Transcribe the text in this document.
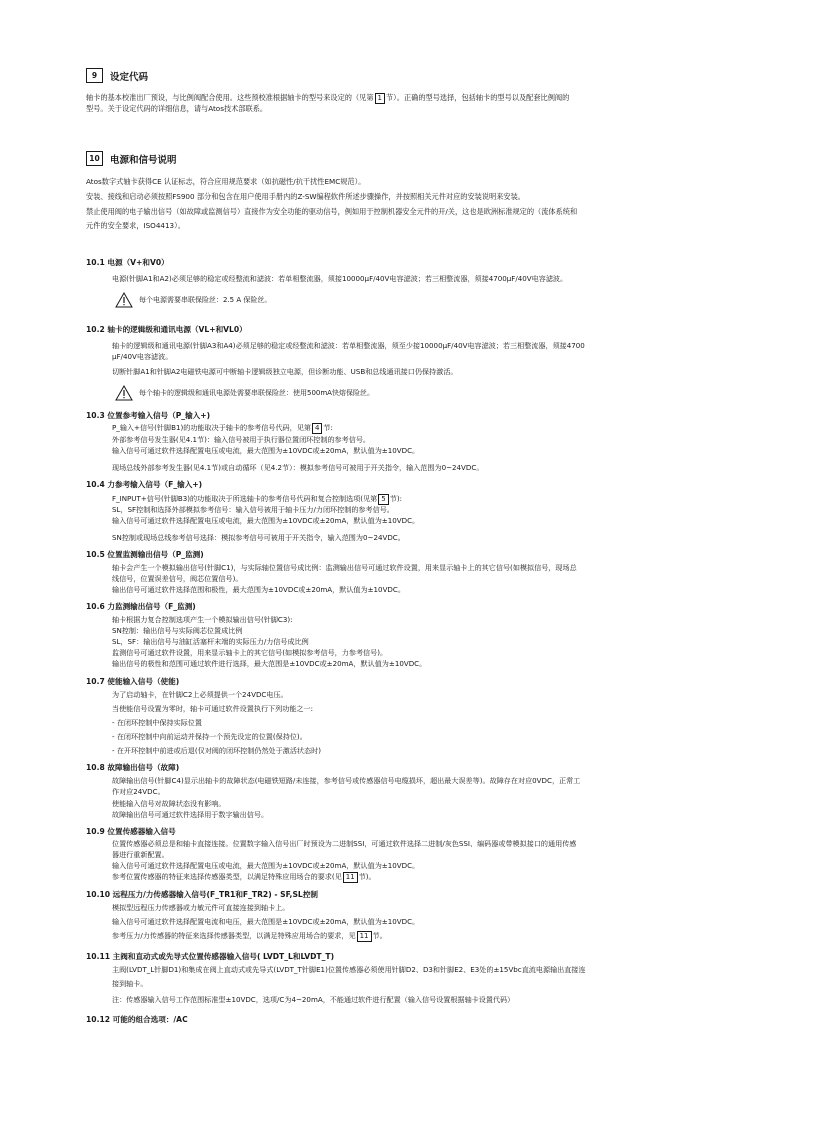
9	设定代码
轴卡的基本校准出厂预设，与比例阀配合使用。这些预校准根据轴卡的型号来设定的（见第 1 节）。正确的型号选择，包括轴卡的型号以及配套比例阀的
型号。关于设定代码的详细信息，请与Atos技术部联系。
10	电源和信号说明
Atos数字式轴卡获得CE 认证标志，符合应用规范要求（如抗磁性/抗干扰性EMC规范）。
安装、接线和启动必须按照FS900 部分和包含在用户使用手册内的Z-SW编程软件所述步骤操作，并按照相关元件对应的安装说明来安装。
禁止使用阀的电子输出信号（如故障或监测信号）直接作为安全功能的驱动信号，例如用于控制机器安全元件的开/关，这也是欧洲标准规定的（流体系统和
元件的安全要求，ISO4413）。
10.1 电源（V+和V0）
电源(针脚A1和A2)必须足够的稳定或经整流和滤波：若单相整流器，须接10000μF/40V电容滤波；若三相整流器，须接4700μF/40V电容滤波。
每个电源需要串联保险丝：2.5 A 保险丝。
10.2 轴卡的逻辑级和通讯电源（VL+和VL0）
轴卡的逻辑级和通讯电源(针脚A3和A4)必须足够的稳定或经整流和滤波：若单相整流器，须至少接10000μF/40V电容滤波；若三相整流器，须接4700
μF/40V电容滤波。
切断针脚A1和针脚A2电磁铁电源可中断轴卡逻辑级独立电源，但诊断功能、USB和总线通讯接口仍保持激活。
每个轴卡的逻辑级和通讯电源处需要串联保险丝：使用500mA快熔保险丝。
10.3 位置参考输入信号（P_输入+)
P_输入+信号(针脚B1)的功能取决于轴卡的参考信号代码，见第 4 节:
外部参考信号发生器(见4.1节)：输入信号被用于执行器位置闭环控制的参考信号。
输入信号可通过软件选择配置电压或电流，最大范围为±10VDC或±20mA，默认值为±10VDC。
现场总线外部参考发生器(见4.1节)或自动循环（见4.2节）：模拟参考信号可被用于开关指令，输入范围为0~24VDC。
10.4 力参考输入信号（F_输入+)
F_INPUT+信号(针脚B3)的功能取决于所选轴卡的参考信号代码和复合控制选项(见第 5 节):
SL，SF控制和选择外部模拟参考信号：输入信号被用于轴卡压力/力闭环控制的参考信号。
输入信号可通过软件选择配置电压或电流，最大范围为±10VDC或±20mA，默认值为±10VDC。
SN控制或现场总线参考信号选择：模拟参考信号可被用于开关指令，输入范围为0~24VDC。
10.5 位置监测输出信号（P_监测)
轴卡会产生一个模拟输出信号(针脚C1)，与实际轴位置信号成比例：监测输出信号可通过软件设置，用来显示轴卡上的其它信号(如模拟信号，现场总
线信号，位置误差信号，阀芯位置信号)。
输出信号可通过软件选择范围和极性，最大范围为±10VDC或±20mA，默认值为±10VDC。
10.6 力监测输出信号（F_监测)
轴卡根据力复合控制选项产生一个模拟输出信号(针脚C3):
SN控制：输出信号与实际阀芯位置成比例
SL，SF：输出信号与油缸活塞杆末端的实际压力/力信号成比例
监测信号可通过软件设置，用来显示轴卡上的其它信号(如模拟参考信号，力参考信号)。
输出信号的极性和范围可通过软件进行选择，最大范围是±10VDC或±20mA，默认值为±10VDC。
10.7 使能输入信号（使能)
为了启动轴卡，在针脚C2上必须提供一个24VDC电压。
当使能信号设置为零时，轴卡可通过软件设置执行下列功能之一:
- 在闭环控制中保持实际位置
- 在闭环控制中向前运动并保持一个预先设定的位置(保持位)。
- 在开环控制中前进或后退(仅对阀的闭环控制仍然处于激活状态时)
10.8 故障输出信号（故障)
故障输出信号(针脚C4)显示出轴卡的故障状态(电磁铁短路/未连接，参考信号或传感器信号电缆损坏，超出最大误差等)。故障存在对应0VDC，正常工
作对应24VDC。
使能输入信号对故障状态没有影响。
故障输出信号可通过软件选择用于数字输出信号。
10.9 位置传感器输入信号
位置传感器必须总是和轴卡直接连接。位置数字输入信号出厂时预设为二进制SSI，可通过软件选择二进制/灰色SSI、编码器或带模拟接口的通用传感
器进行重新配置。
输入信号可通过软件选择配置电压或电流，最大范围为±10VDC或±20mA，默认值为±10VDC。
参考位置传感器的特征来选择传感器类型，以满足特殊应用场合的要求(见 11 节)。
10.10 远程压力/力传感器输入信号(F_TR1和F_TR2) - SF,SL控制
模拟型远程压力传感器或力敏元件可直接连接到轴卡上。
输入信号可通过软件选择配置电流和电压，最大范围是±10VDC或±20mA，默认值为±10VDC。
参考压力/力传感器的特征来选择传感器类型，以满足特殊应用场合的要求，见 11 节。
10.11 主阀和直动式或先导式位置传感器输入信号( LVDT_L和LVDT_T)
主阀(LVDT_L针脚D1)和集成在阀上直动式或先导式(LVDT_T针脚E1)位置传感器必须使用针脚D2、D3和针脚E2、E3处的±15Vbc直流电源输出直接连
接到轴卡。
注：传感器输入信号工作范围标准型±10VDC，选项/C为4~20mA，不能通过软件进行配置（输入信号设置根据轴卡设置代码）
10.12 可能的组合选项：/AC
